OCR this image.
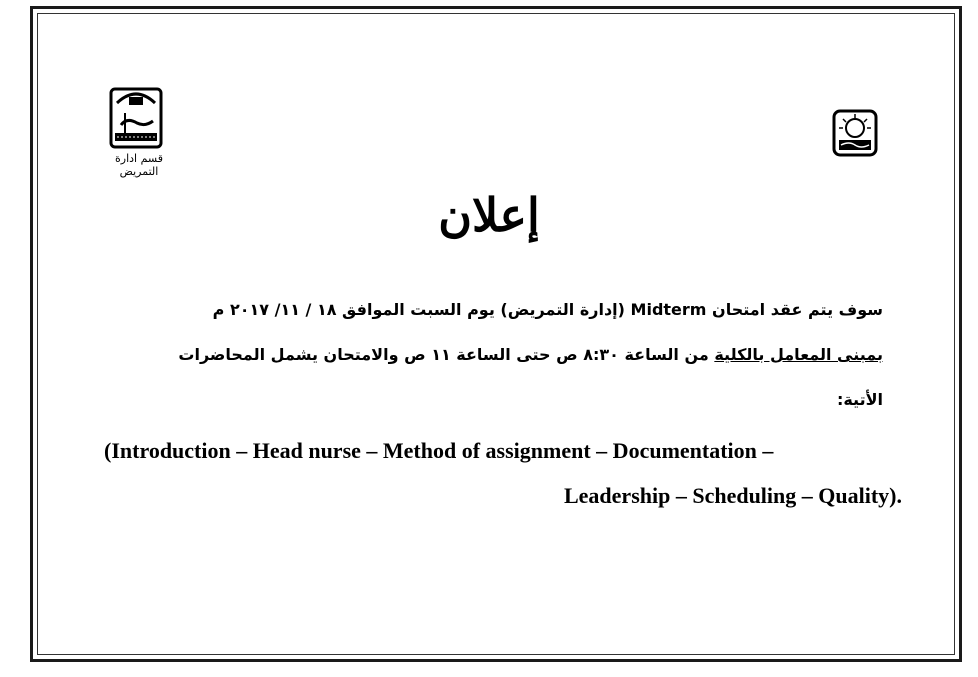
قسم ادارة التمريض
إعلان
سوف يتم عقد امتحان Midterm (إدارة التمريض) يوم السبت الموافق ١٨ / ١١/ ٢٠١٧ م
بمبنى المعامل بالكلية من الساعة ٨:٣٠ ص حتى الساعة ١١ ص والامتحان يشمل المحاضرات
الأتية:
(Introduction – Head nurse – Method of assignment – Documentation –
Leadership – Scheduling – Quality).
